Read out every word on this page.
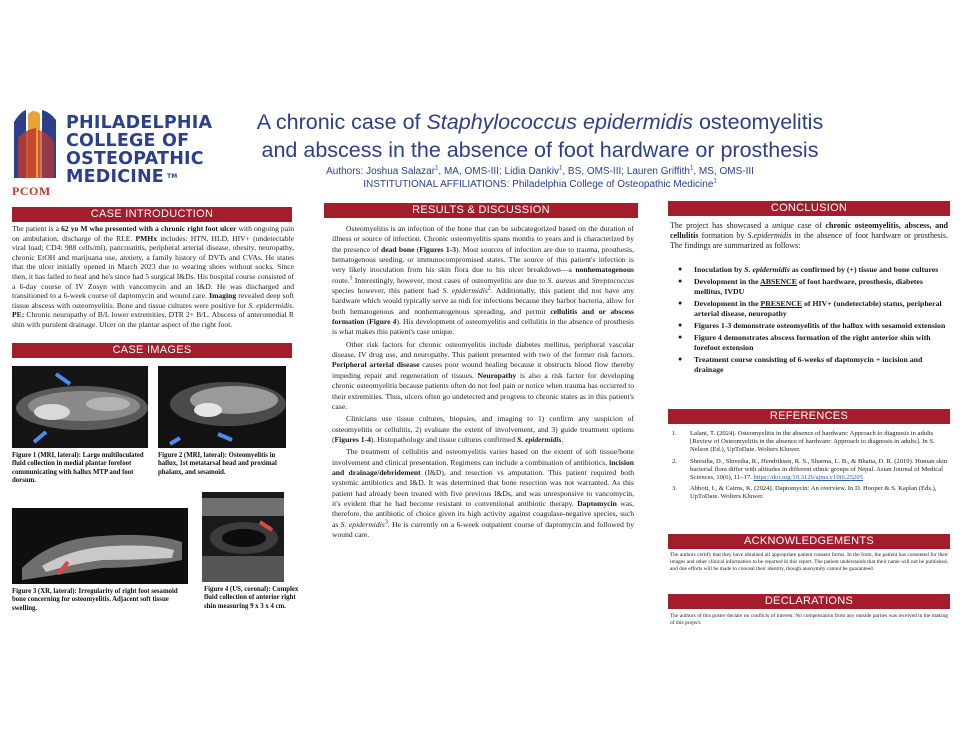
PHILADELPHIA
COLLEGE OF
OSTEOPATHIC
MEDICINE ™
PCOM
A chronic case of Staphylococcus epidermidis osteomyelitis
and abscess in the absence of foot hardware or prosthesis
Authors: Joshua Salazar$^1$, MA, OMS-III; Lidia Dankiv$^1$, BS, OMS-III; Lauren Griffith$^1$, MS, OMS-III
INSTITUTIONAL AFFILIATIONS: Philadelphia College of Osteopathic Medicine$^1$
CASE INTRODUCTION
The patient is a 62 yo M who presented with a chronic right foot ulcer with ongoing pain on ambulation, discharge of the RLE. PMHx includes: HTN, HLD, HIV+ (undetectable viral load; CD4: 988 cells/ml), pancreatitis, peripheral arterial disease, obesity, neuropathy, chronic EtOH and marijuana use, anxiety, a family history of DVTs and CVAs. He states that the ulcer initially opened in March 2023 due to wearing shoes without socks. Since then, it has failed to heal and he's since had 5 surgical I&Ds. His hospital course consisted of a 6-day course of IV Zosyn with vancomycin and an I&D. He was discharged and transitioned to a 6-week course of daptomycin and wound care. Imaging revealed deep soft tissue abscess with osteomyelitis. Bone and tissue cultures were positive for S. epidermidis. PE: Chronic neuropathy of B/L lower extremities, DTR 2+ B/L. Abscess of anteromedial R shin with purulent drainage. Ulcer on the plantar aspect of the right foot.
CASE IMAGES
Figure 1 (MRI, lateral): Large multiloculated fluid collection in medial plantar forefoot communicating with hallux MTP and foot dorsum.
Figure 2 (MRI, lateral): Osteomyelitis in hallux, 1st metatarsal head and proximal phalanx, and sesamoid.
Figure 3 (XR, lateral): Irregularity of right foot sesamoid bone concerning for osteomyelitis. Adjacent soft tissue swelling.
Figure 4 (US, coronal): Complex fluid collection of anterior right shin measuring 9 x 3 x 4 cm.
RESULTS & DISCUSSION

Osteomyelitis is an infection of the bone that can be subcategorized based on the duration of illness or source of infection. Chronic osteomyelitis spans months to years and is characterized by the presence of dead bone (Figures 1-3). Most sources of infection are due to trauma, prosthesis, hematogenous seeding, or immunocompromised states. The source of this patient's infection is very likely inoculation from his skin flora due to his ulcer breakdown—a nonhematogenous route.$^1$ Interestingly, however, most cases of osteomyelitis are due to S. aureus and Streptococcus species however, this patient had S. epidermidis$^2$. Additionally, this patient did not have any hardware which would typically serve as nidi for infections because they harbor bacteria, allow for both hematogenous and nonhematogenous spreading, and permit cellulitis and or abscess formation (Figure 4). His development of osteomyelitis and cellulitis in the absence of prosthesis is what makes this patient's case unique.

Other risk factors for chronic osteomyelitis include diabetes mellitus, peripheral vascular disease, IV drug use, and neuropathy. This patient presented with two of the former risk factors. Peripheral arterial disease causes poor wound healing because it obstructs blood flow thereby impeding repair and regeneration of tissues. Neuropathy is also a risk factor for developing chronic osteomyelitis because patients often do not feel pain or notice when trauma has occurred to their extremities. Thus, ulcers often go undetected and progress to chronic states as in this patient's case.

Clinicians use tissue cultures, biopsies, and imaging to 1) confirm any suspicion of osteomyelitis or cellulitis, 2) evaluate the extent of involvement, and 3) guide treatment options (Figures 1-4). Histopathology and tissue cultures confirmed S. epidermidis.

The treatment of cellulitis and osteomyelitis varies based on the extent of soft tissue/bone involvement and clinical presentation. Regimens can include a combination of antibiotics, incision and drainage/debridement (I&D), and resection vs amputation. This patient required both systemic antibiotics and I&D. It was determined that bone resection was not warranted. As this patient had already been treated with five previous I&Ds, and was unresponsive to vancomycin, it's evident that he had become resistant to conventional antibiotic therapy. Daptomycin was, therefore, the antibiotic of choice given its high activity against coagulase-negative species, such as S. epidermidis$^3$. He is currently on a 6-week outpatient course of daptomycin and followed by wound care.

CONCLUSION
The project has showcased a unique case of chronic osteomyelitis, abscess, and cellulitis formation by S.epidermidis in the absence of foot hardware or prosthesis. The findings are summarized as follows:
● Inoculation by S. epidermidis as confirmed by (+) tissue and bone cultures
● Development in the ABSENCE of foot hardware, prosthesis, diabetes mellitus, IVDU
● Development in the PRESENCE of HIV+ (undetectable) status, peripheral arterial disease, neuropathy
● Figures 1-3 demonstrate osteomyelitis of the hallux with sesamoid extension
● Figure 4 demonstrates abscess formation of the right anterior shin with forefoot extension
● Treatment course consisting of 6-weeks of daptomycin + incision and drainage
REFERENCES
1. Lalani, T. (2024). Osteomyelitis in the absence of hardware: Approach to diagnosis in adults [Review of Osteomyelitis in the absence of hardware: Approach to diagnosis in adults]. In S. Nelson (Ed.), UpToDate. Wolters Kluwer.
2. Shrestha, D., Shrestha, R., Hendriksen, R. S., Sharma, L. B., & Bhatta, D. R. (2019). Human skin bacterial flora differ with altitudes in different ethnic groups of Nepal. Asian Journal of Medical Sciences, 10(6), 11–17. https://doi.org/10.3126/ajms.v10i6.25205
3. Abbott, I., & Cairns, K. (2024). Daptomycin: An overview. In D. Hooper & S. Kaplan (Eds.), UpToDate. Wolters Kluwer.
ACKNOWLEDGEMENTS
The authors certify that they have obtained all appropriate patient consent forms. In the form, the patient has consented for their images and other clinical information to be reported in this report. The patient understands that their name will not be published, and due efforts will be made to conceal their identity, though anonymity cannot be guaranteed.
DECLARATIONS
The authors of this poster declare no conflicts of interest. No compensation from any outside parties was received in the making of this project.
